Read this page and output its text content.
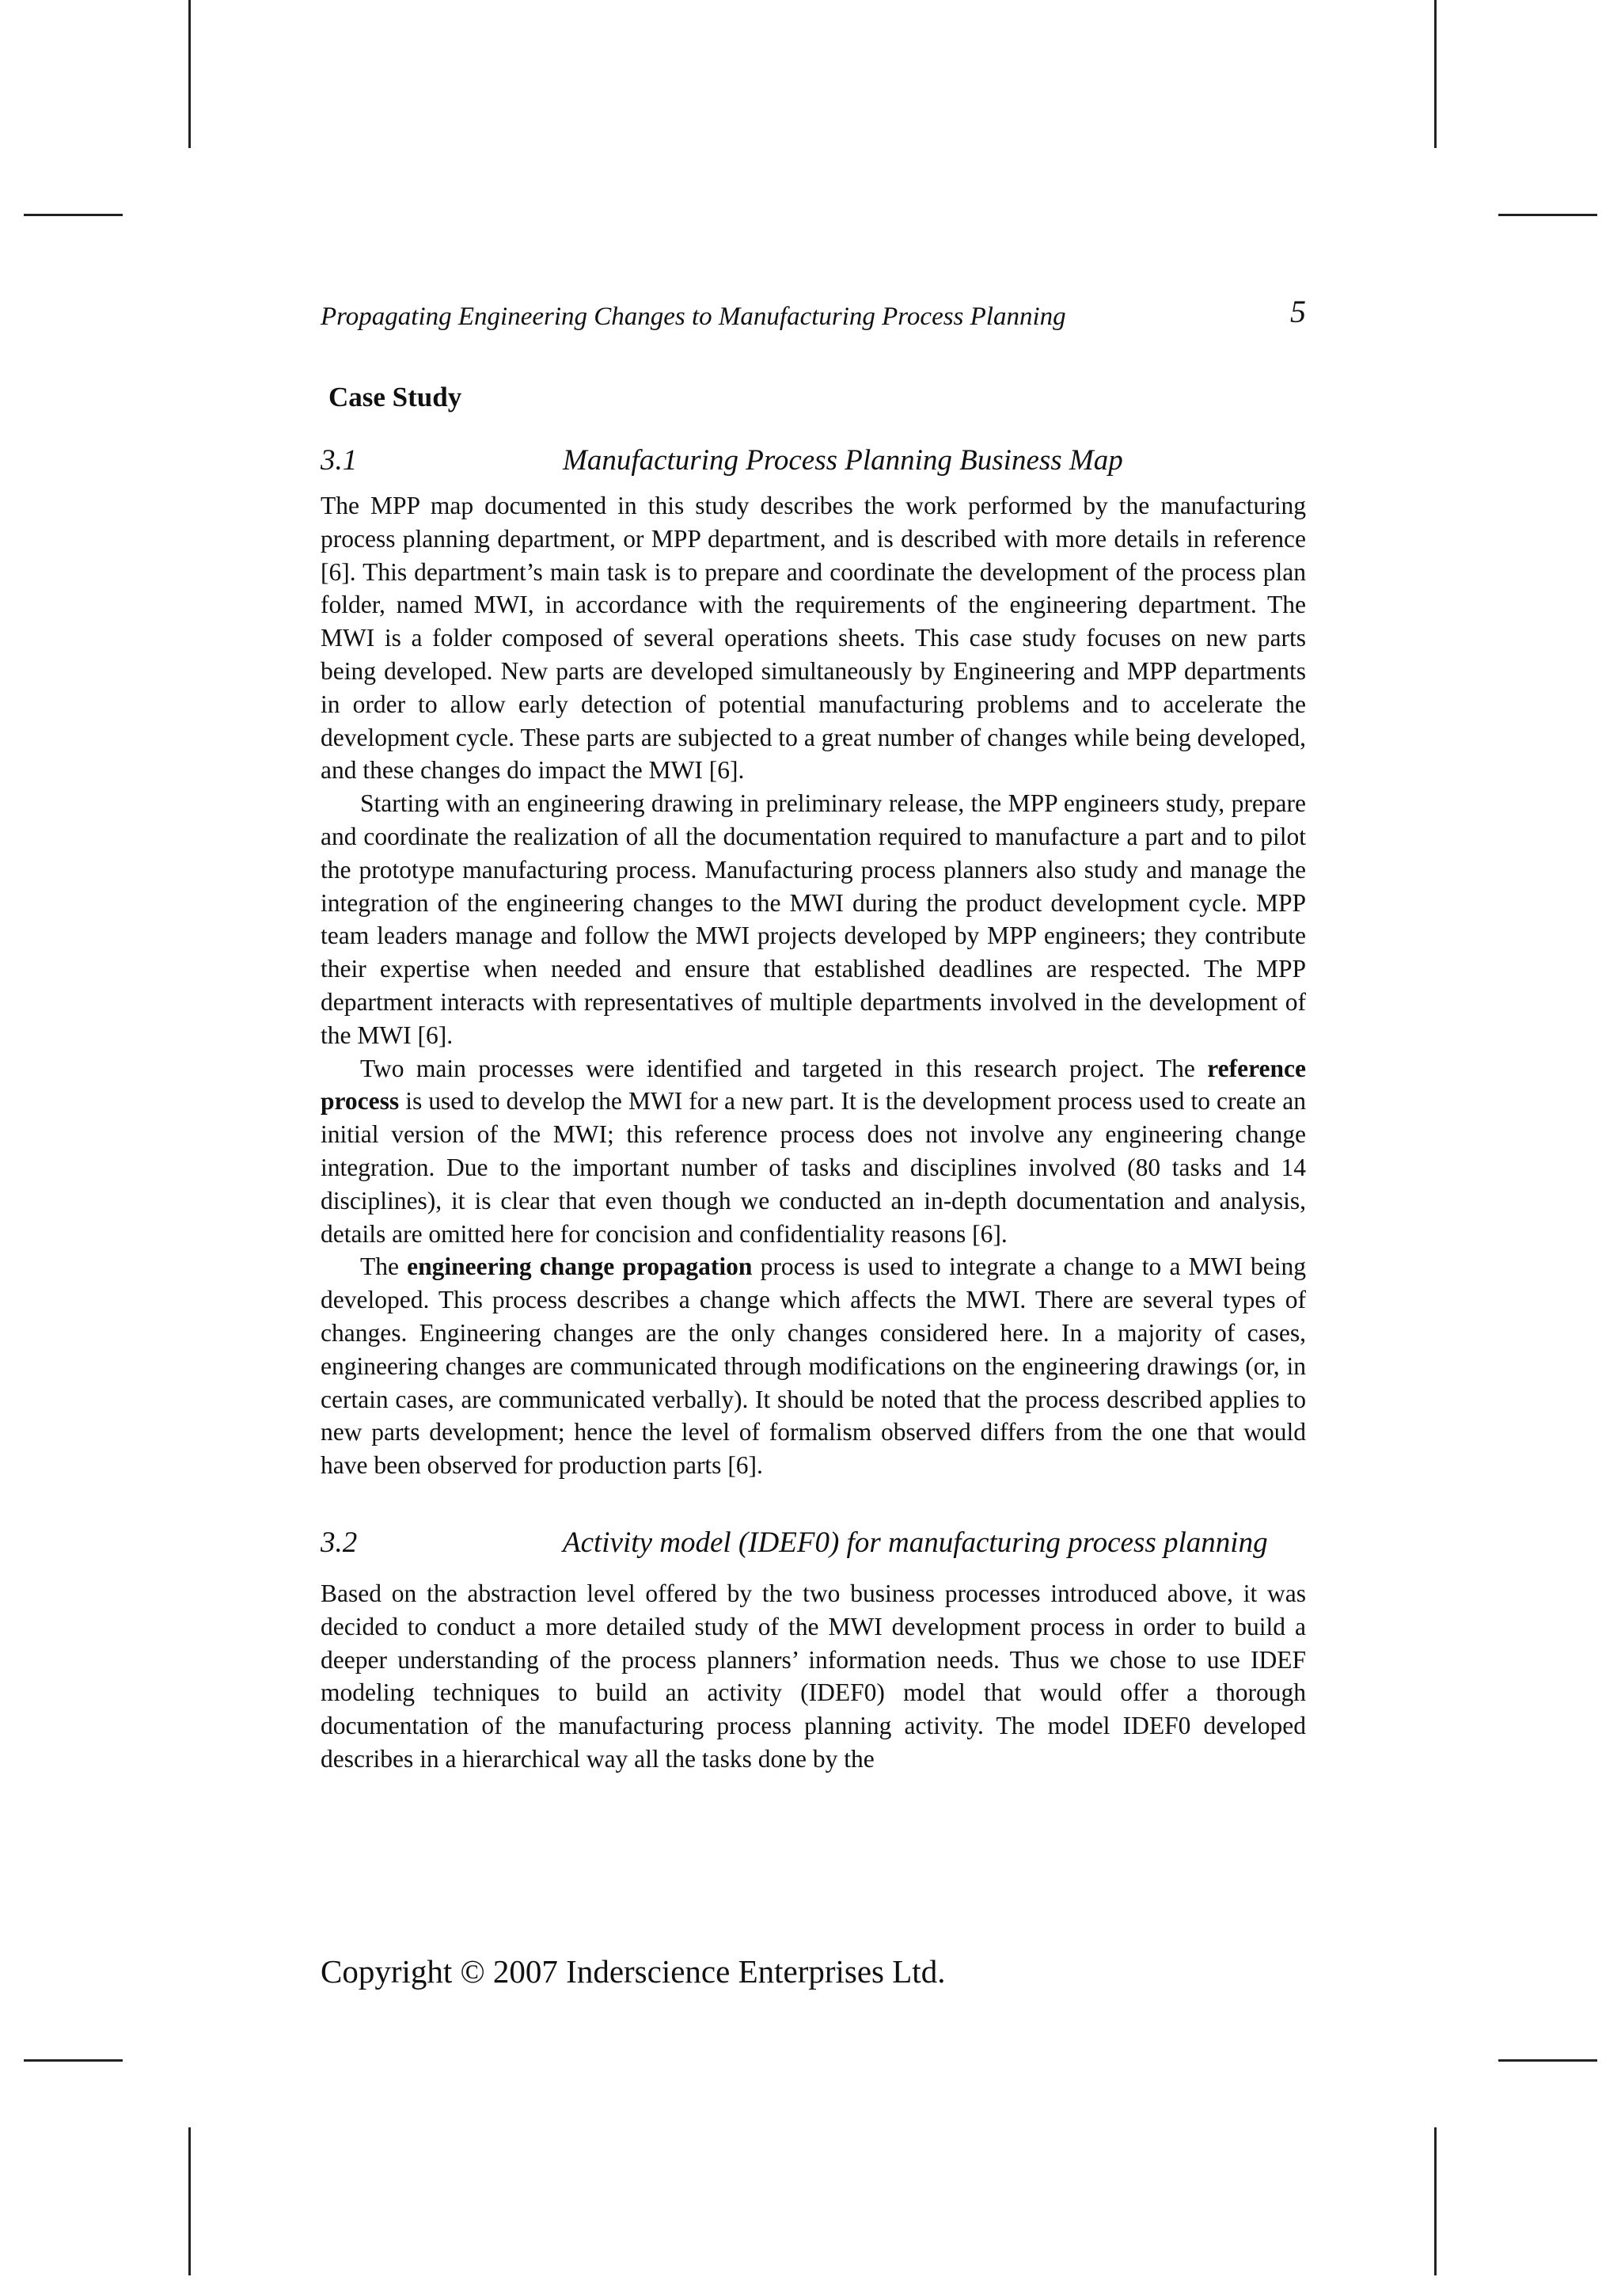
Propagating Engineering Changes to Manufacturing Process Planning	5
Case Study
3.1	Manufacturing Process Planning Business Map

The MPP map documented in this study describes the work performed by the manufacturing process planning department, or MPP department, and is described with more details in reference [6]. This department’s main task is to prepare and coordinate the development of the process plan folder, named MWI, in accordance with the requirements of the engineering department. The MWI is a folder composed of several operations sheets. This case study focuses on new parts being developed. New parts are developed simultaneously by Engineering and MPP departments in order to allow early detection of potential manufacturing problems and to accelerate the development cycle. These parts are subjected to a great number of changes while being developed, and these changes do impact the MWI [6].

Starting with an engineering drawing in preliminary release, the MPP engineers study, prepare and coordinate the realization of all the documentation required to manufacture a part and to pilot the prototype manufacturing process. Manufacturing process planners also study and manage the integration of the engineering changes to the MWI during the product development cycle. MPP team leaders manage and follow the MWI projects developed by MPP engineers; they contribute their expertise when needed and ensure that established deadlines are respected. The MPP department interacts with representatives of multiple departments involved in the development of the MWI [6].

Two main processes were identified and targeted in this research project. The reference process is used to develop the MWI for a new part. It is the development process used to create an initial version of the MWI; this reference process does not involve any engineering change integration. Due to the important number of tasks and disciplines involved (80 tasks and 14 disciplines), it is clear that even though we conducted an in-depth documentation and analysis, details are omitted here for concision and confidentiality reasons [6].

The engineering change propagation process is used to integrate a change to a MWI being developed. This process describes a change which affects the MWI. There are several types of changes. Engineering changes are the only changes considered here. In a majority of cases, engineering changes are communicated through modifications on the engineering drawings (or, in certain cases, are communicated verbally). It should be noted that the process described applies to new parts development; hence the level of formalism observed differs from the one that would have been observed for production parts [6].

3.2	Activity model (IDEF0) for manufacturing process planning

Based on the abstraction level offered by the two business processes introduced above, it was decided to conduct a more detailed study of the MWI development process in order to build a deeper understanding of the process planners’ information needs. Thus we chose to use IDEF modeling techniques to build an activity (IDEF0) model that would offer a thorough documentation of the manufacturing process planning activity. The model IDEF0 developed describes in a hierarchical way all the tasks done by the

Copyright © 2007 Inderscience Enterprises Ltd.
